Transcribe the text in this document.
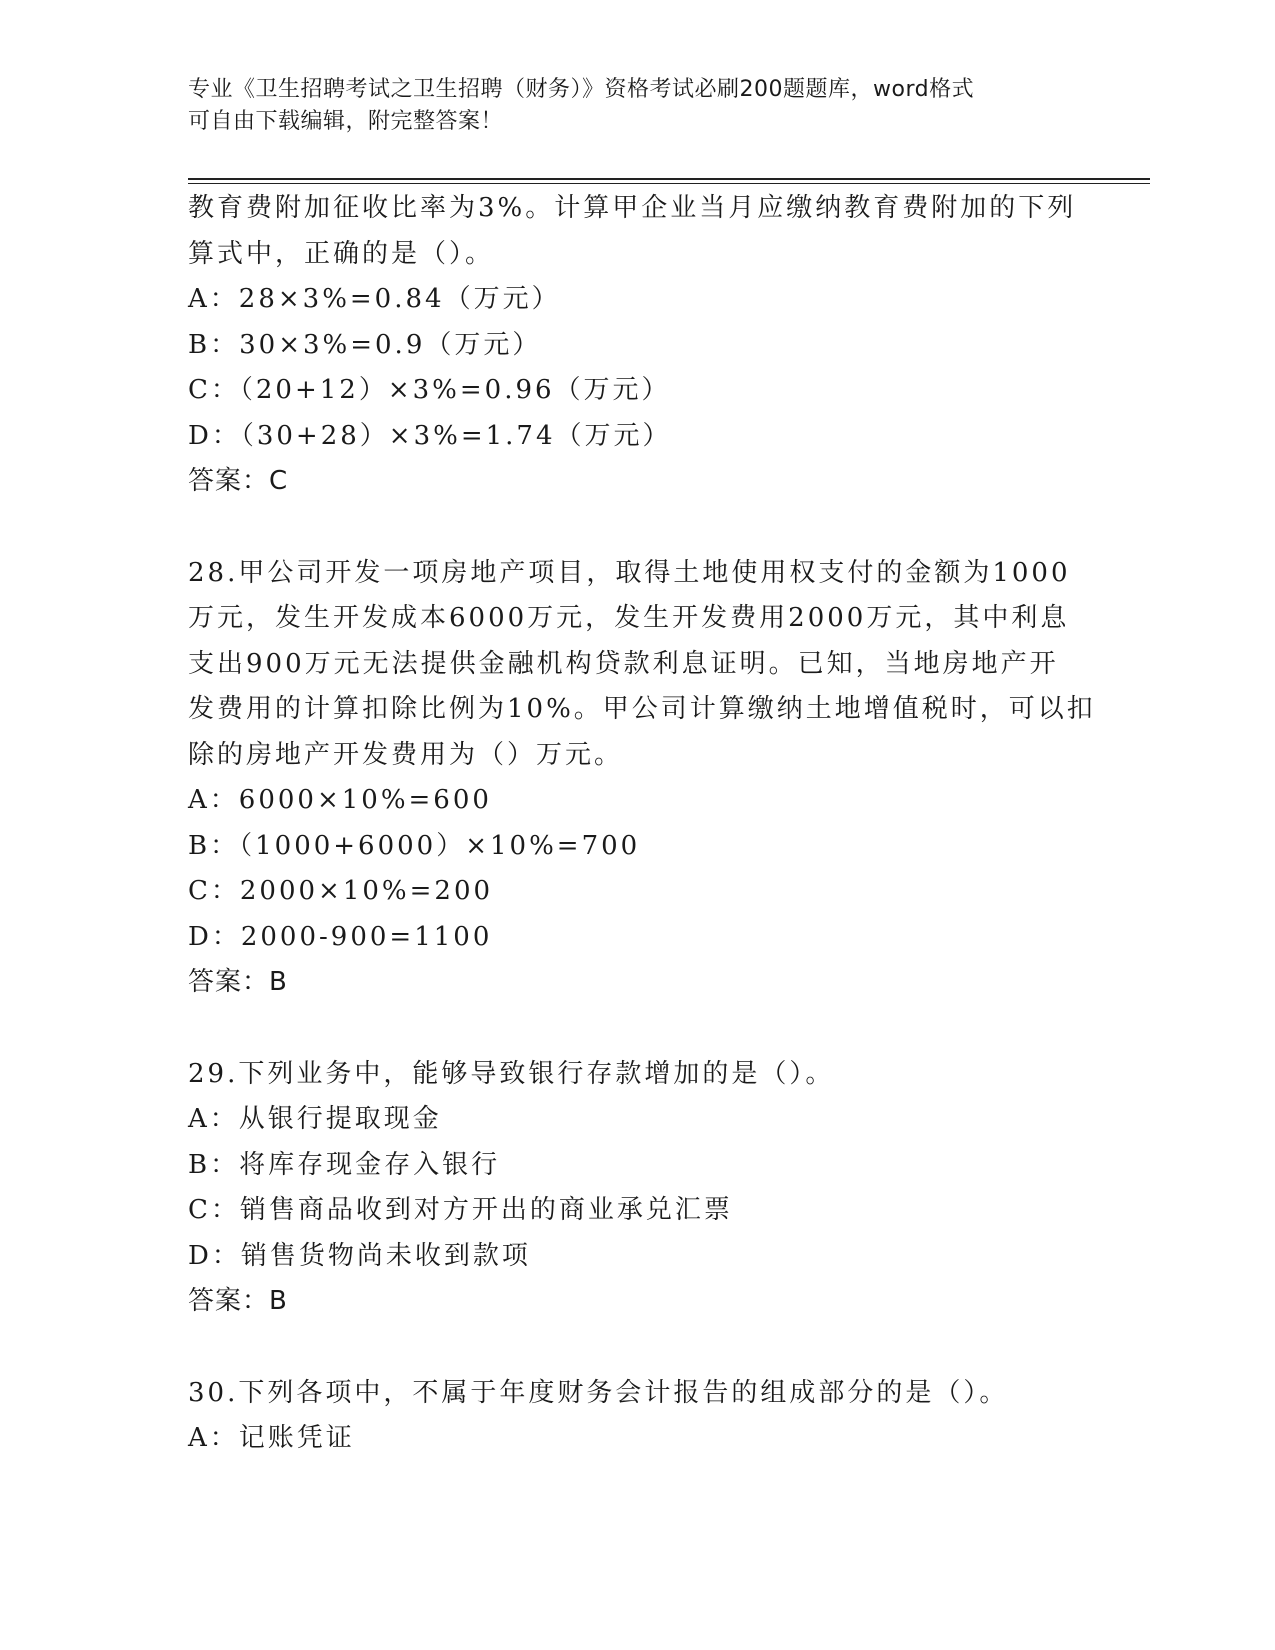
专业《卫生招聘考试之卫生招聘（财务）》资格考试必刷200题题库，word格式
可自由下载编辑，附完整答案！
教育费附加征收比率为3%。计算甲企业当月应缴纳教育费附加的下列
算式中，正确的是（）。
A：28×3%=0.84（万元）
B：30×3%=0.9（万元）
C：（20+12）×3%=0.96（万元）
D：（30+28）×3%=1.74（万元）
答案：C
28.甲公司开发一项房地产项目，取得土地使用权支付的金额为1000
万元，发生开发成本6000万元，发生开发费用2000万元，其中利息
支出900万元无法提供金融机构贷款利息证明。已知，当地房地产开
发费用的计算扣除比例为10%。甲公司计算缴纳土地增值税时，可以扣
除的房地产开发费用为（）万元。
A：6000×10%=600
B：（1000+6000）×10%=700
C：2000×10%=200
D：2000-900=1100
答案：B
29.下列业务中，能够导致银行存款增加的是（）。
A：从银行提取现金
B：将库存现金存入银行
C：销售商品收到对方开出的商业承兑汇票
D：销售货物尚未收到款项
答案：B
30.下列各项中，不属于年度财务会计报告的组成部分的是（）。
A：记账凭证
